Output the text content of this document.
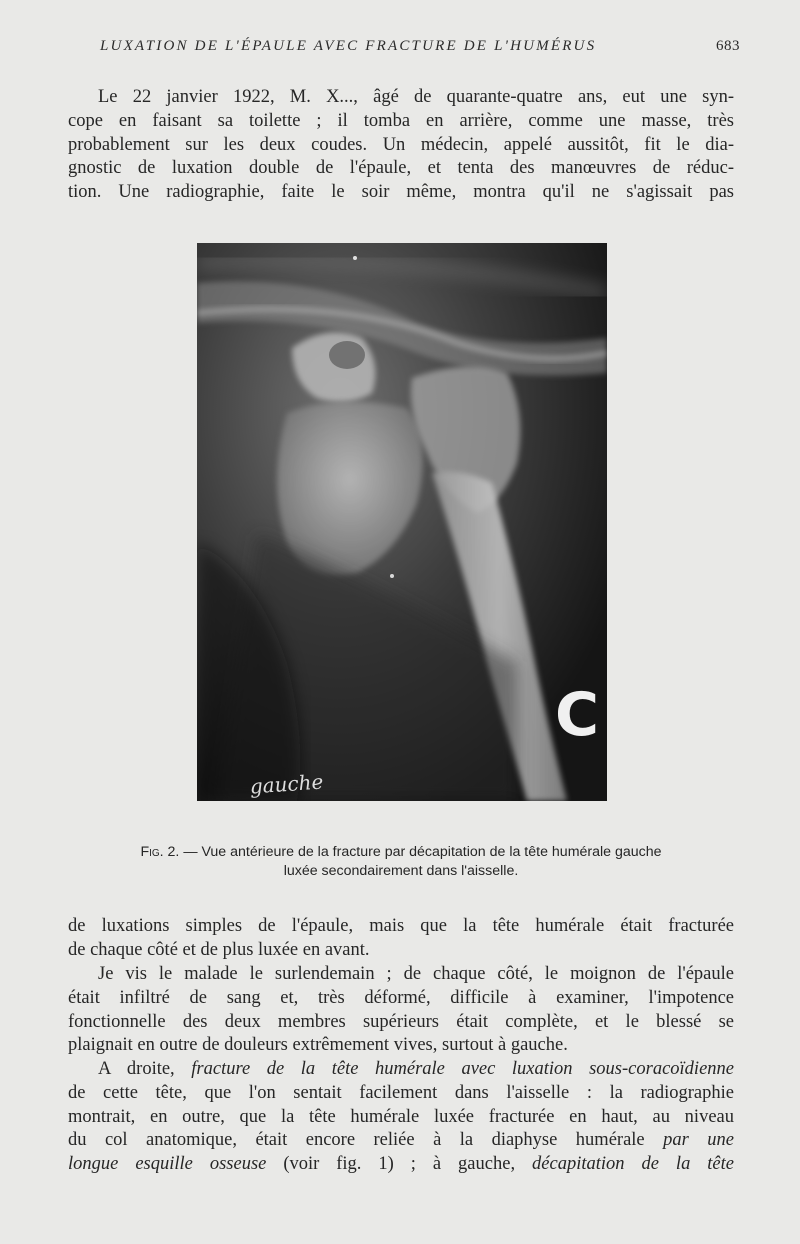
LUXATION DE L'ÉPAULE AVEC FRACTURE DE L'HUMÉRUS	683
Le 22 janvier 1922, M. X..., âgé de quarante-quatre ans, eut une syn-
cope en faisant sa toilette ; il tomba en arrière, comme une masse, très
probablement sur les deux coudes. Un médecin, appelé aussitôt, fit le dia-
gnostic de luxation double de l'épaule, et tenta des manœuvres de réduc-
tion. Une radiographie, faite le soir même, montra qu'il ne s'agissait pas
C
gauche
Fig. 2. — Vue antérieure de la fracture par décapitation de la tête humérale gauche
luxée secondairement dans l'aisselle.
de luxations simples de l'épaule, mais que la tête humérale était fracturée
de chaque côté et de plus luxée en avant.
Je vis le malade le surlendemain ; de chaque côté, le moignon de l'épaule
était infiltré de sang et, très déformé, difficile à examiner, l'impotence
fonctionnelle des deux membres supérieurs était complète, et le blessé se
plaignait en outre de douleurs extrêmement vives, surtout à gauche.
A droite, fracture de la tête humérale avec luxation sous-coracoïdienne
de cette tête, que l'on sentait facilement dans l'aisselle : la radiographie
montrait, en outre, que la tête humérale luxée fracturée en haut, au niveau
du col anatomique, était encore reliée à la diaphyse humérale par une
longue esquille osseuse (voir fig. 1) ; à gauche, décapitation de la tête
